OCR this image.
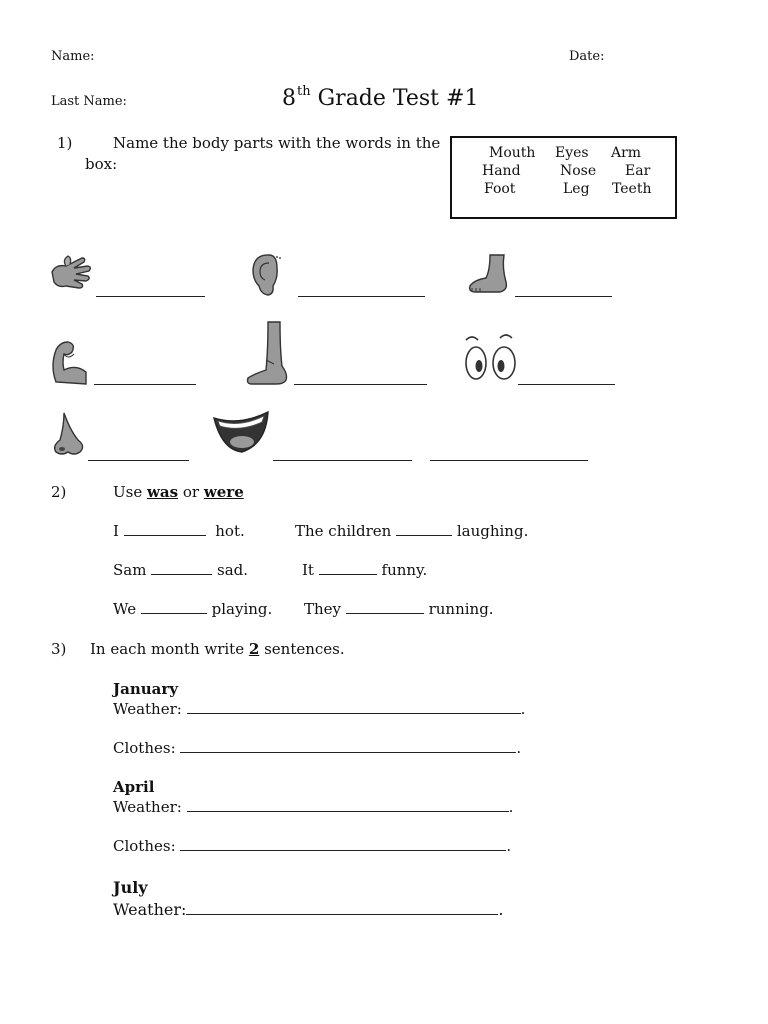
Name:	Date:
Last Name:	8th Grade Test #1
1)	Name the body parts with the words in the
box:
Mouth Eyes Arm
Hand	Nose Ear
Foot	Leg Teeth
2)	Use was or were
I	hot.	The children	laughing.
Sam	sad.	It	funny.
We	playing. They	running.
3) In each month write 2 sentences.
January
Weather:	.
Clothes:	.
April
Weather:	.
Clothes:	.
July
Weather:	.
